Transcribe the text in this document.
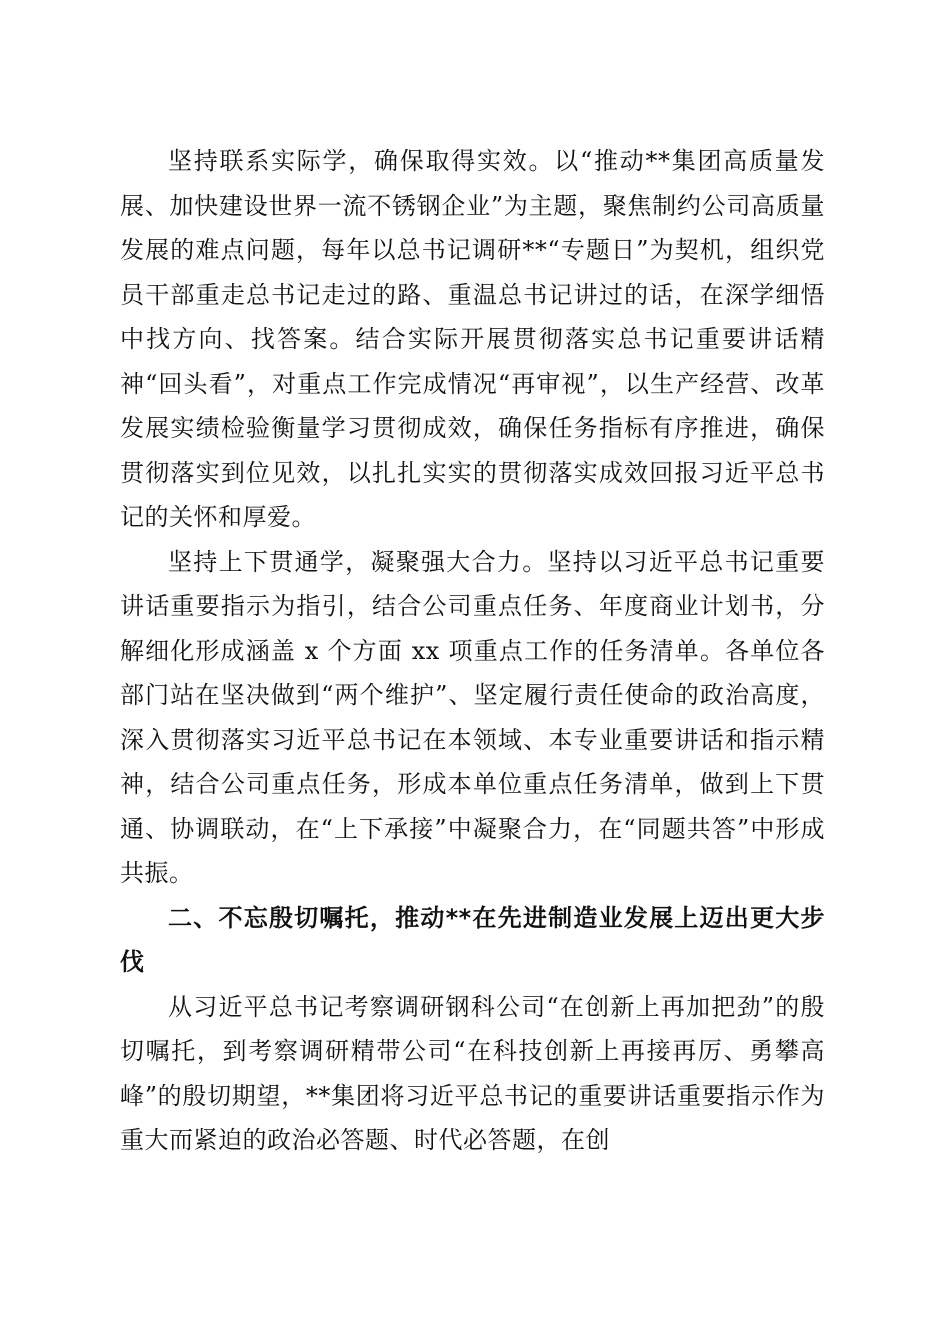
坚持联系实际学，确保取得实效。以“推动**集团高质量发展、加快建设世界一流不锈钢企业”为主题，聚焦制约公司高质量发展的难点问题，每年以总书记调研**“专题日”为契机，组织党员干部重走总书记走过的路、重温总书记讲过的话，在深学细悟中找方向、找答案。结合实际开展贯彻落实总书记重要讲话精神“回头看”，对重点工作完成情况“再审视”，以生产经营、改革发展实绩检验衡量学习贯彻成效，确保任务指标有序推进，确保贯彻落实到位见效，以扎扎实实的贯彻落实成效回报习近平总书记的关怀和厚爱。

坚持上下贯通学，凝聚强大合力。坚持以习近平总书记重要讲话重要指示为指引，结合公司重点任务、年度商业计划书，分解细化形成涵盖 x 个方面 xx 项重点工作的任务清单。各单位各部门站在坚决做到“两个维护”、坚定履行责任使命的政治高度，深入贯彻落实习近平总书记在本领域、本专业重要讲话和指示精神，结合公司重点任务，形成本单位重点任务清单，做到上下贯通、协调联动，在“上下承接”中凝聚合力，在“同题共答”中形成共振。

二、不忘殷切嘱托，推动**在先进制造业发展上迈出更大步伐

从习近平总书记考察调研钢科公司“在创新上再加把劲”的殷切嘱托，到考察调研精带公司“在科技创新上再接再厉、勇攀高峰”的殷切期望，**集团将习近平总书记的重要讲话重要指示作为重大而紧迫的政治必答题、时代必答题，在创
